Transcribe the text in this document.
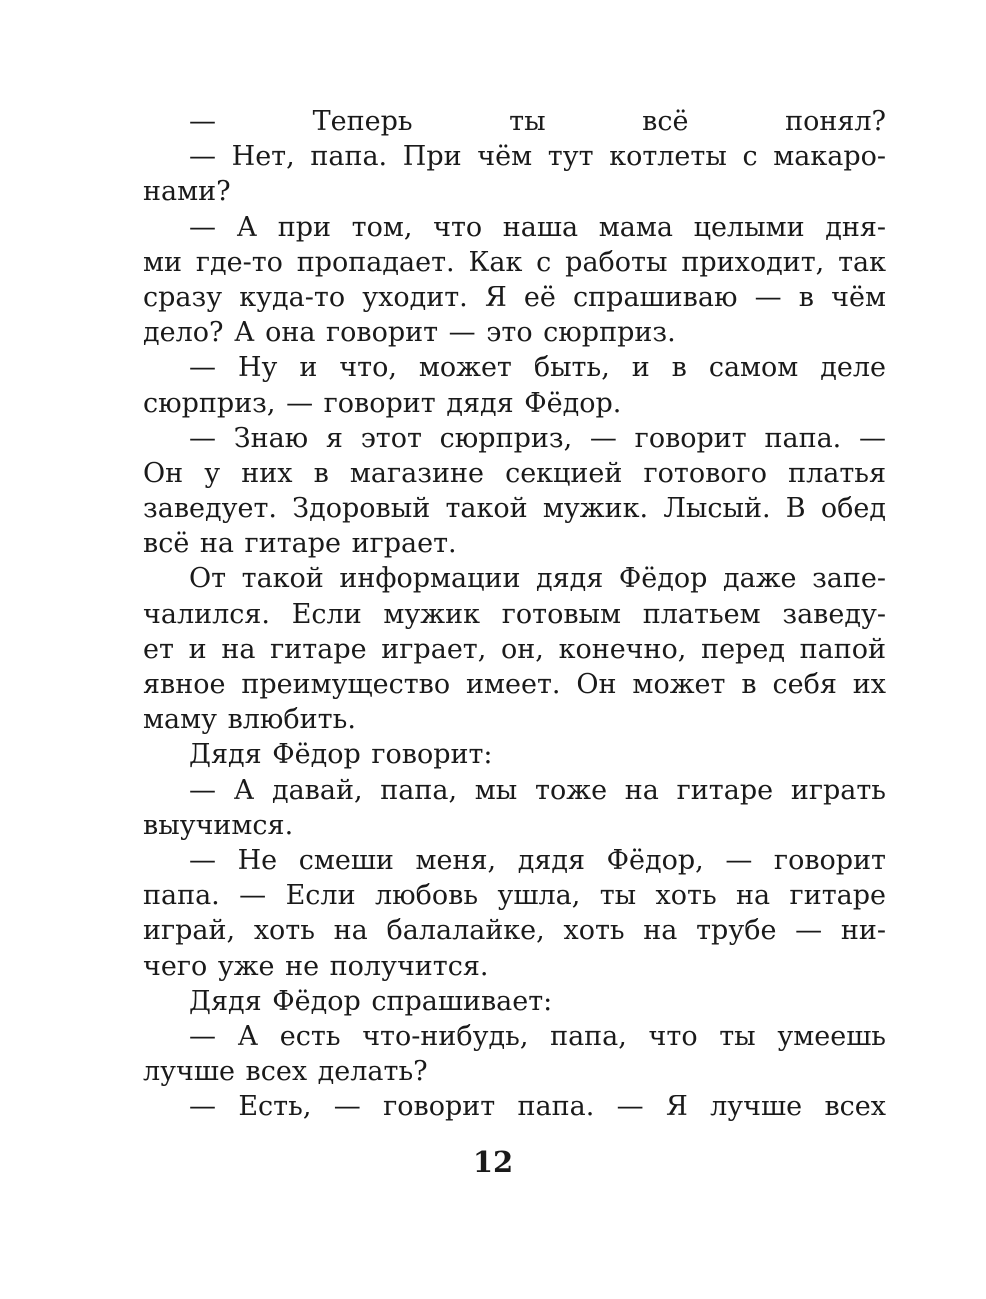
— Теперь ты всё понял?
— Нет, папа. При чём тут котлеты с макаро-
нами?
— А при том, что наша мама целыми дня-
ми где-то пропадает. Как с работы приходит, так
сразу куда-то уходит. Я её спрашиваю — в чём
дело? А она говорит — это сюрприз.
— Ну и что, может быть, и в самом деле
сюрприз, — говорит дядя Фёдор.
— Знаю я этот сюрприз, — говорит папа. —
Он у них в магазине секцией готового платья
заведует. Здоровый такой мужик. Лысый. В обед
всё на гитаре играет.
От такой информации дядя Фёдор даже запе-
чалился. Если мужик готовым платьем заведу-
ет и на гитаре играет, он, конечно, перед папой
явное преимущество имеет. Он может в себя их
маму влюбить.
Дядя Фёдор говорит:
— А давай, папа, мы тоже на гитаре играть
выучимся.
— Не смеши меня, дядя Фёдор, — говорит
папа. — Если любовь ушла, ты хоть на гитаре
играй, хоть на балалайке, хоть на трубе — ни-
чего уже не получится.
Дядя Фёдор спрашивает:
— А есть что-нибудь, папа, что ты умеешь
лучше всех делать?
— Есть, — говорит папа. — Я лучше всех
12
